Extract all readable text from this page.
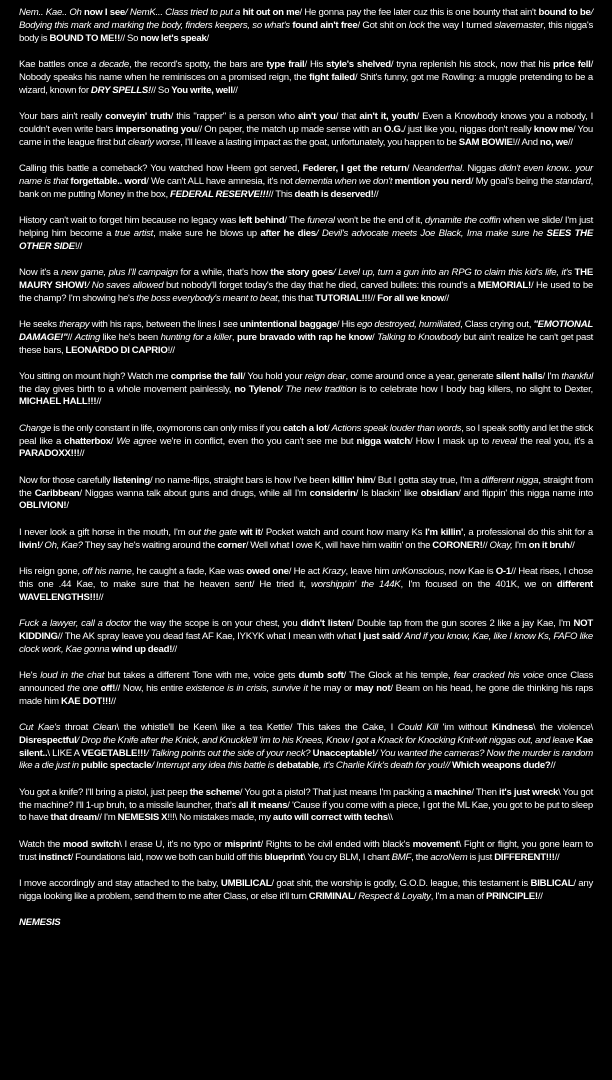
Nem.. Kae.. Oh now I see/ NemK... Class tried to put a hit out on me/ He gonna pay the fee later cuz this is one bounty that ain't bound to be/ Bodying this mark and marking the body, finders keepers, so what's found ain't free/ Got shit on lock the way I turned slavemaster, this nigga's body is BOUND TO ME!!// So now let's speak/

Kae battles once a decade, the record's spotty, the bars are type frail/ His style's shelved/ tryna replenish his stock, now that his price fell/ Nobody speaks his name when he reminisces on a promised reign, the fight failed/ Shit's funny, got me Rowling: a muggle pretending to be a wizard, known for DRY SPELLS!// So You write, well//

Your bars ain't really conveyin' truth/ this "rapper" is a person who ain't you/ that ain't it, youth/ Even a Knowbody knows you a nobody, I couldn't even write bars impersonating you// On paper, the match up made sense with an O.G./ just like you, niggas don't really know me/ You came in the league first but clearly worse, I'll leave a lasting impact as the goat, unfortunately, you happen to be SAM BOWIE!// And no, we//

Calling this battle a comeback? You watched how Heem got served, Federer, I get the return/ Neanderthal. Niggas didn't even know.. your name is that forgettable.. word/ We can't ALL have amnesia, it's not dementia when we don't mention you nerd/ My goal's being the standard, bank on me putting Money in the box, FEDERAL RESERVE!!!// This death is deserved!//

History can't wait to forget him because no legacy was left behind/ The funeral won't be the end of it, dynamite the coffin when we slide/ I'm just helping him become a true artist, make sure he blows up after he dies/ Devil's advocate meets Joe Black, Ima make sure he SEES THE OTHER SIDE!//

Now it's a new game, plus I'll campaign for a while, that's how the story goes/ Level up, turn a gun into an RPG to claim this kid's life, it's THE MAURY SHOW!/ No saves allowed but nobody'll forget today's the day that he died, carved bullets: this round's a MEMORIAL!/ He used to be the champ? I'm showing he's the boss everybody's meant to beat, this that TUTORIAL!!!// For all we know//

He seeks therapy with his raps, between the lines I see unintentional baggage/ His ego destroyed, humiliated, Class crying out, "EMOTIONAL DAMAGE!"// Acting like he's been hunting for a killer, pure bravado with rap he know/ Talking to Knowbody but ain't realize he can't get past these bars, LEONARDO DI CAPRIO!//

You sitting on mount high? Watch me comprise the fall/ You hold your reign dear, come around once a year, generate silent halls/ I'm thankful the day gives birth to a whole movement painlessly, no Tylenol/ The new tradition is to celebrate how I body bag killers, no slight to Dexter, MICHAEL HALL!!!//

Change is the only constant in life, oxymorons can only miss if you catch a lot/ Actions speak louder than words, so I speak softly and let the stick peal like a chatterbox/ We agree we're in conflict, even tho you can't see me but nigga watch/ How I mask up to reveal the real you, it's a PARADOXX!!!//

Now for those carefully listening/ no name-flips, straight bars is how I've been killin' him/ But I gotta stay true, I'm a different nigga, straight from the Caribbean/ Niggas wanna talk about guns and drugs, while all I'm considerin/ Is blackin' like obsidian/ and flippin' this nigga name into OBLIVION!/

I never look a gift horse in the mouth, I'm out the gate wit it/ Pocket watch and count how many Ks I'm killin', a professional do this shit for a livin!/ Oh, Kae? They say he's waiting around the corner/ Well what I owe K, will have him waitin' on the CORONER!// Okay, I'm on it bruh//

His reign gone, off his name, he caught a fade, Kae was owed one/ He act Krazy, leave him unKonscious, now Kae is O-1// Heat rises, I chose this one .44 Kae, to make sure that he heaven sent/ He tried it, worshippin' the 144K, I'm focused on the 401K, we on different WAVELENGTHS!!!//

Fuck a lawyer, call a doctor the way the scope is on your chest, you didn't listen/ Double tap from the gun scores 2 like a jay Kae, I'm NOT KIDDING// The AK spray leave you dead fast AF Kae, IYKYK what I mean with what I just said/ And if you know, Kae, like I know Ks, FAFO like clock work, Kae gonna wind up dead!//

He's loud in the chat but takes a different Tone with me, voice gets dumb soft/ The Glock at his temple, fear cracked his voice once Class announced the one off!// Now, his entire existence is in crisis, survive it he may or may not/ Beam on his head, he gone die thinking his raps made him KAE DOT!!!//

Cut Kae's throat Clean\ the whistle'll be Keen\ like a tea Kettle/ This takes the Cake, I Could Kill 'im without Kindness\ the violence\ Disrespectful/ Drop the Knife after the Knick, and Knuckle'll 'im to his Knees, Know I got a Knack for Knocking Knit-wit niggas out, and leave Kae silent..\ LIKE A VEGETABLE!!!/ Talking points out the side of your neck? Unacceptable!/ You wanted the cameras? Now the murder is random like a die just in public spectacle/ Interrupt any idea this battle is debatable, it's Charlie Kirk's death for you!// Which weapons dude?//

You got a knife? I'll bring a pistol, just peep the scheme/ You got a pistol? That just means I'm packing a machine/ Then it's just wreck\ You got the machine? I'll 1-up bruh, to a missile launcher, that's all it means/ 'Cause if you come with a piece, I got the ML Kae, you got to be put to sleep to have that dream// I'm NEMESIS X!!!\ No mistakes made, my auto will correct with techs\\

Watch the mood switch\ I erase U, it's no typo or misprint/ Rights to be civil ended with black's movement\ Fight or flight, you gone learn to trust instinct/ Foundations laid, now we both can build off this blueprint\ You cry BLM, I chant BMF, the acroNem is just DIFFERENT!!!//

I move accordingly and stay attached to the baby, UMBILICAL/ goat shit, the worship is godly, G.O.D. league, this testament is BIBLICAL/ any nigga looking like a problem, send them to me after Class, or else it'll turn CRIMINAL/ Respect & Loyalty, I'm a man of PRINCIPLE!//

NEMESIS
